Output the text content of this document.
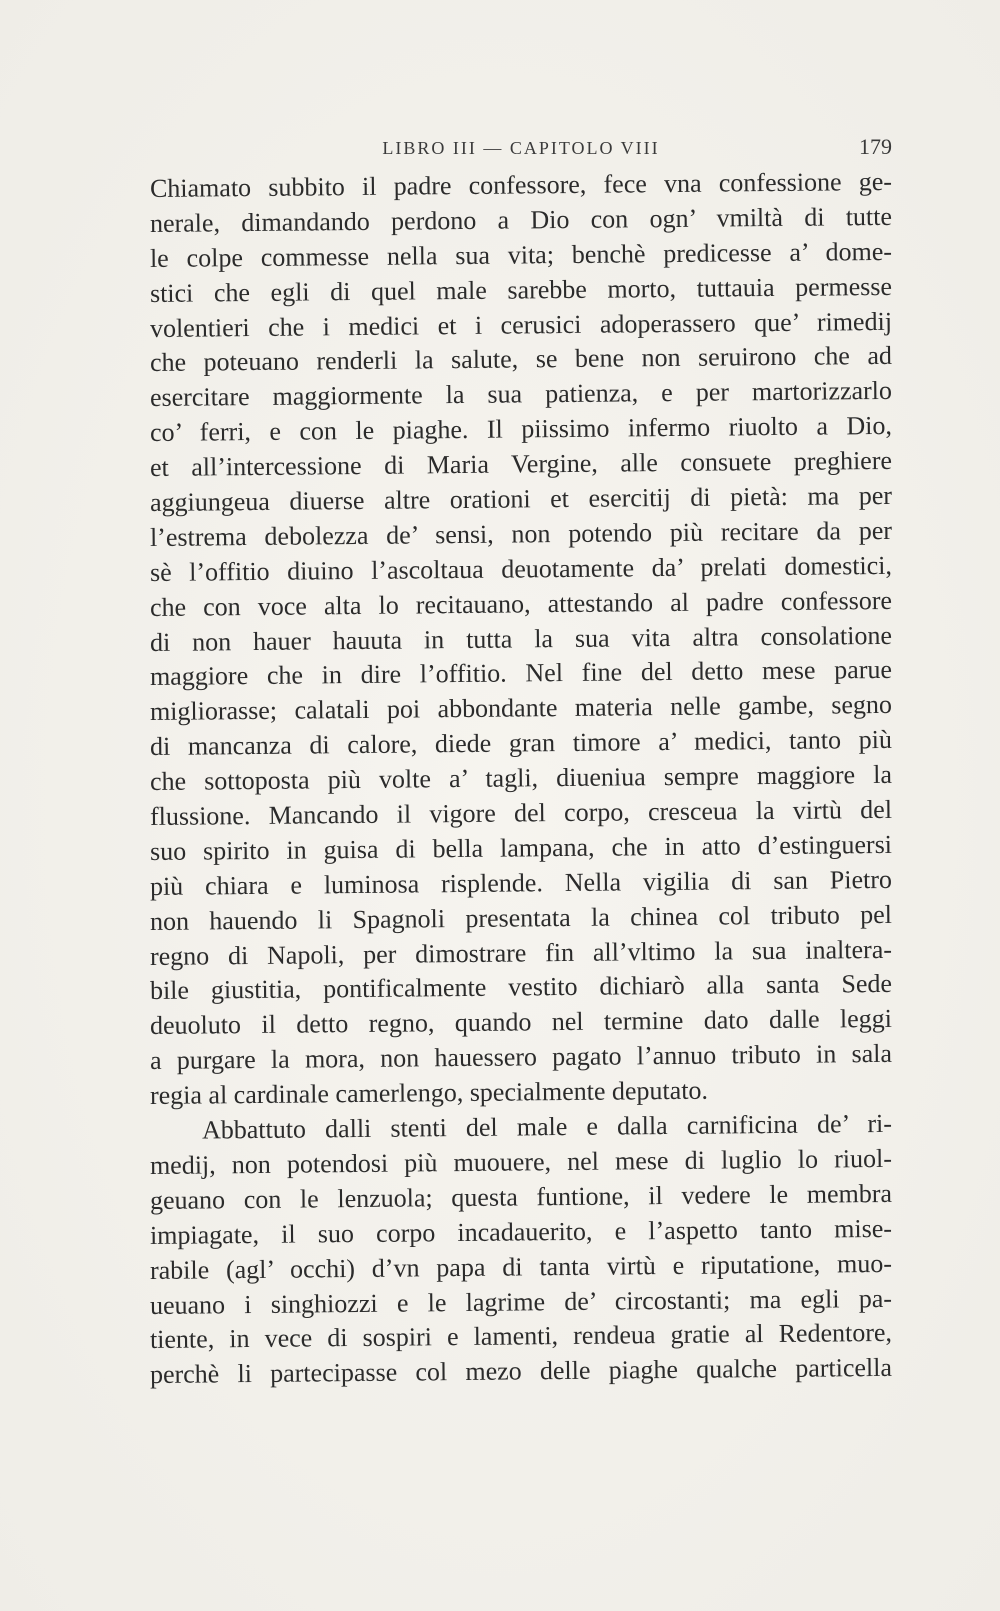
LIBRO III — CAPITOLO VIII	179
Chiamato subbito il padre confessore, fece vna confessione ge-
nerale, dimandando perdono a Dio con ogn’ vmiltà di tutte
le colpe commesse nella sua vita; benchè predicesse a’ dome-
stici che egli di quel male sarebbe morto, tuttauia permesse
volentieri che i medici et i cerusici adoperassero que’ rimedij
che poteuano renderli la salute, se bene non seruirono che ad
esercitare maggiormente la sua patienza, e per martorizzarlo
co’ ferri, e con le piaghe. Il piissimo infermo riuolto a Dio,
et all’intercessione di Maria Vergine, alle consuete preghiere
aggiungeua diuerse altre orationi et esercitij di pietà: ma per
l’estrema debolezza de’ sensi, non potendo più recitare da per
sè l’offitio diuino l’ascoltaua deuotamente da’ prelati domestici,
che con voce alta lo recitauano, attestando al padre confessore
di non hauer hauuta in tutta la sua vita altra consolatione
maggiore che in dire l’offitio. Nel fine del detto mese parue
migliorasse; calatali poi abbondante materia nelle gambe, segno
di mancanza di calore, diede gran timore a’ medici, tanto più
che sottoposta più volte a’ tagli, diueniua sempre maggiore la
flussione. Mancando il vigore del corpo, cresceua la virtù del
suo spirito in guisa di bella lampana, che in atto d’estinguersi
più chiara e luminosa risplende. Nella vigilia di san Pietro
non hauendo li Spagnoli presentata la chinea col tributo pel
regno di Napoli, per dimostrare fin all’vltimo la sua inaltera-
bile giustitia, pontificalmente vestito dichiarò alla santa Sede
deuoluto il detto regno, quando nel termine dato dalle leggi
a purgare la mora, non hauessero pagato l’annuo tributo in sala
regia al cardinale camerlengo, specialmente deputato.
Abbattuto dalli stenti del male e dalla carnificina de’ ri-
medij, non potendosi più muouere, nel mese di luglio lo riuol-
geuano con le lenzuola; questa funtione, il vedere le membra
impiagate, il suo corpo incadauerito, e l’aspetto tanto mise-
rabile (agl’ occhi) d’vn papa di tanta virtù e riputatione, muo-
ueuano i singhiozzi e le lagrime de’ circostanti; ma egli pa-
tiente, in vece di sospiri e lamenti, rendeua gratie al Redentore,
perchè li partecipasse col mezo delle piaghe qualche particella
